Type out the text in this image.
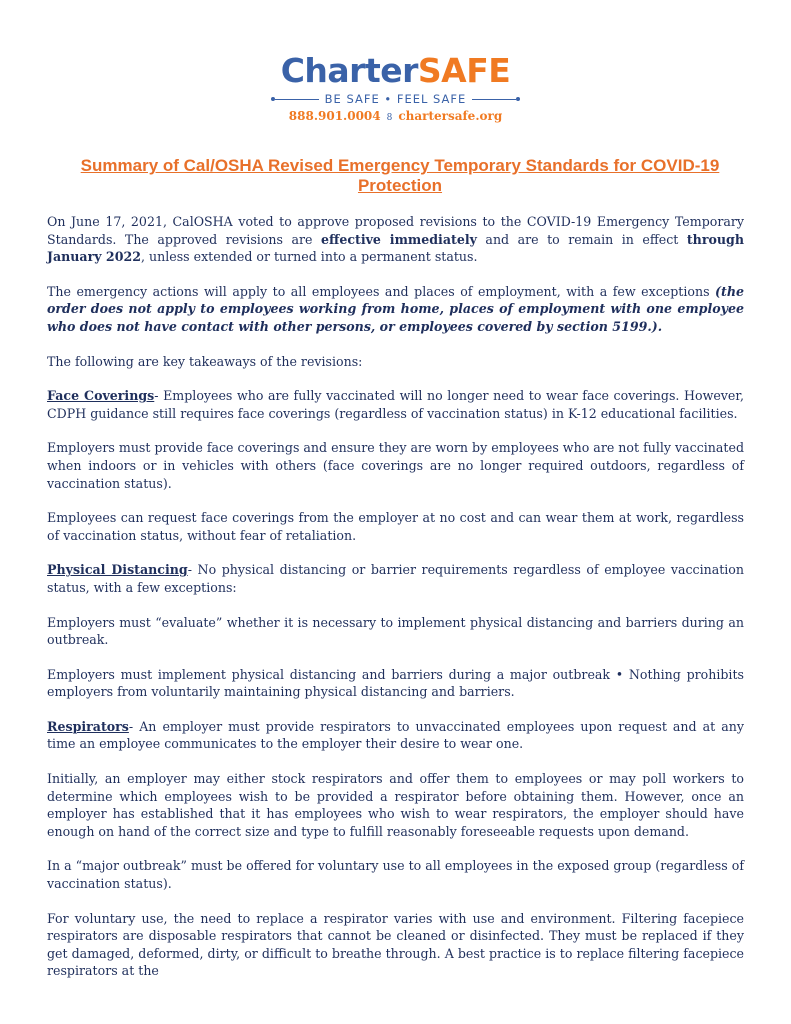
CharterSAFE
BE SAFE • FEEL SAFE
888.901.0004 8 chartersafe.org
Summary of Cal/OSHA Revised Emergency Temporary Standards for COVID-19 Protection

On June 17, 2021, CalOSHA voted to approve proposed revisions to the COVID-19 Emergency Temporary Standards. The approved revisions are effective immediately and are to remain in effect through January 2022, unless extended or turned into a permanent status.

The emergency actions will apply to all employees and places of employment, with a few exceptions (the order does not apply to employees working from home, places of employment with one employee who does not have contact with other persons, or employees covered by section 5199.).

The following are key takeaways of the revisions:

Face Coverings- Employees who are fully vaccinated will no longer need to wear face coverings. However, CDPH guidance still requires face coverings (regardless of vaccination status) in K-12 educational facilities.

Employers must provide face coverings and ensure they are worn by employees who are not fully vaccinated when indoors or in vehicles with others (face coverings are no longer required outdoors, regardless of vaccination status).

Employees can request face coverings from the employer at no cost and can wear them at work, regardless of vaccination status, without fear of retaliation.

Physical Distancing- No physical distancing or barrier requirements regardless of employee vaccination status, with a few exceptions:

Employers must “evaluate” whether it is necessary to implement physical distancing and barriers during an outbreak.

Employers must implement physical distancing and barriers during a major outbreak • Nothing prohibits employers from voluntarily maintaining physical distancing and barriers.

Respirators- An employer must provide respirators to unvaccinated employees upon request and at any time an employee communicates to the employer their desire to wear one.

Initially, an employer may either stock respirators and offer them to employees or may poll workers to determine which employees wish to be provided a respirator before obtaining them. However, once an employer has established that it has employees who wish to wear respirators, the employer should have enough on hand of the correct size and type to fulfill reasonably foreseeable requests upon demand.

In a “major outbreak” must be offered for voluntary use to all employees in the exposed group (regardless of vaccination status).

For voluntary use, the need to replace a respirator varies with use and environment. Filtering facepiece respirators are disposable respirators that cannot be cleaned or disinfected. They must be replaced if they get damaged, deformed, dirty, or difficult to breathe through. A best practice is to replace filtering facepiece respirators at the
